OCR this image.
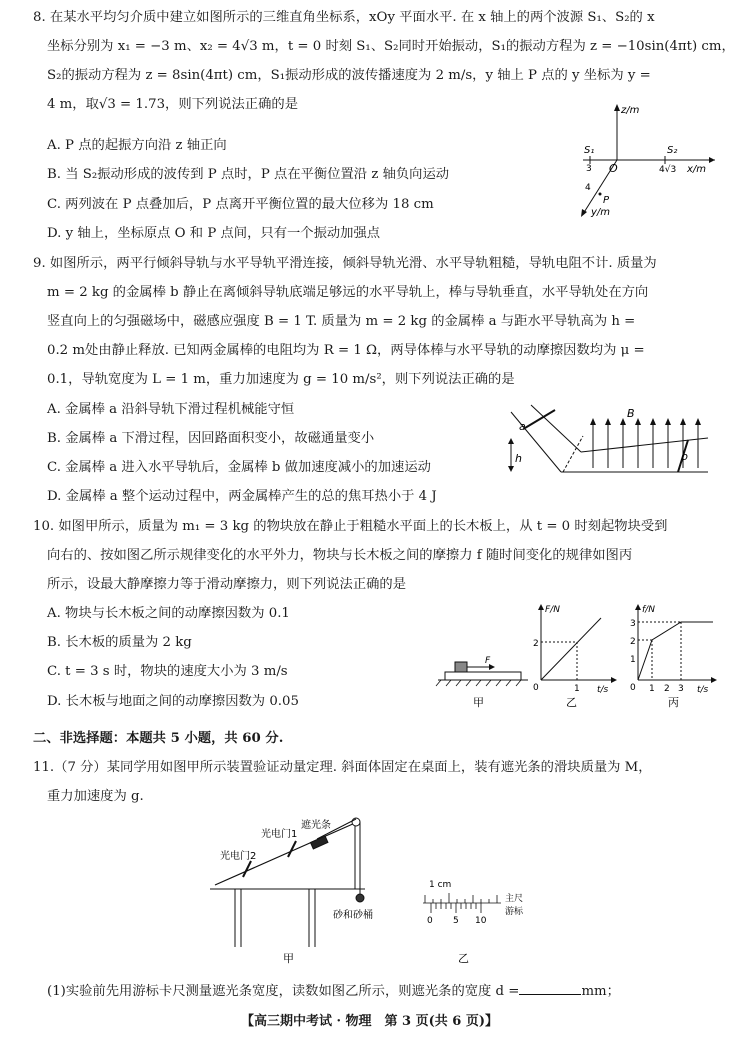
8. 在某水平均匀介质中建立如图所示的三维直角坐标系，xOy 平面水平. 在 x 轴上的两个波源 S₁、S₂的 x
坐标分别为 x₁ = −3 m、x₂ = 4√3 m，t = 0 时刻 S₁、S₂同时开始振动，S₁的振动方程为 z = −10sin(4πt) cm，
S₂的振动方程为 z = 8sin(4πt) cm，S₁振动形成的波传播速度为 2 m/s，y 轴上 P 点的 y 坐标为 y =
4 m，取√3 = 1.73，则下列说法正确的是
A. P 点的起振方向沿 z 轴正向
B. 当 S₂振动形成的波传到 P 点时，P 点在平衡位置沿 z 轴负向运动
C. 两列波在 P 点叠加后，P 点离开平衡位置的最大位移为 18 cm
D. y 轴上，坐标原点 O 和 P 点间，只有一个振动加强点
z/m
x/m
y/m
O
S₁	S₂
3	4√3
4
P
9. 如图所示，两平行倾斜导轨与水平导轨平滑连接，倾斜导轨光滑、水平导轨粗糙，导轨电阻不计. 质量为
m = 2 kg 的金属棒 b 静止在离倾斜导轨底端足够远的水平导轨上，棒与导轨垂直，水平导轨处在方向
竖直向上的匀强磁场中，磁感应强度 B = 1 T. 质量为 m = 2 kg 的金属棒 a 与距水平导轨高为 h =
0.2 m处由静止释放. 已知两金属棒的电阻均为 R = 1 Ω，两导体棒与水平导轨的动摩擦因数均为 μ =
0.1，导轨宽度为 L = 1 m，重力加速度为 g = 10 m/s²，则下列说法正确的是
A. 金属棒 a 沿斜导轨下滑过程机械能守恒
B. 金属棒 a 下滑过程，因回路面积变小，故磁通量变小
C. 金属棒 a 进入水平导轨后，金属棒 b 做加速度减小的加速运动
D. 金属棒 a 整个运动过程中，两金属棒产生的总的焦耳热小于 4 J
a
b
h
B
10. 如图甲所示，质量为 m₁ = 3 kg 的物块放在静止于粗糙水平面上的长木板上，从 t = 0 时刻起物块受到
向右的、按如图乙所示规律变化的水平外力，物块与长木板之间的摩擦力 f 随时间变化的规律如图丙
所示，设最大静摩擦力等于滑动摩擦力，则下列说法正确的是
A. 物块与长木板之间的动摩擦因数为 0.1
B. 长木板的质量为 2 kg
C. t = 3 s 时，物块的速度大小为 3 m/s
D. 长木板与地面之间的动摩擦因数为 0.05
F
甲
F/N
2
0	1 t/s
乙
f/N
3
2
1
0 1 2 3 t/s
丙
二、非选择题：本题共 5 小题，共 60 分.
11.（7 分）某同学用如图甲所示装置验证动量定理. 斜面体固定在桌面上，装有遮光条的滑块质量为 M，
重力加速度为 g.
遮光条
光电门1
光电门2
砂和砂桶
甲
1 cm
0 5 10
主尺
游标
乙
(1)实验前先用游标卡尺测量遮光条宽度，读数如图乙所示，则遮光条的宽度 d =	mm；
【高三期中考试 · 物理　第 3 页(共 6 页)】
